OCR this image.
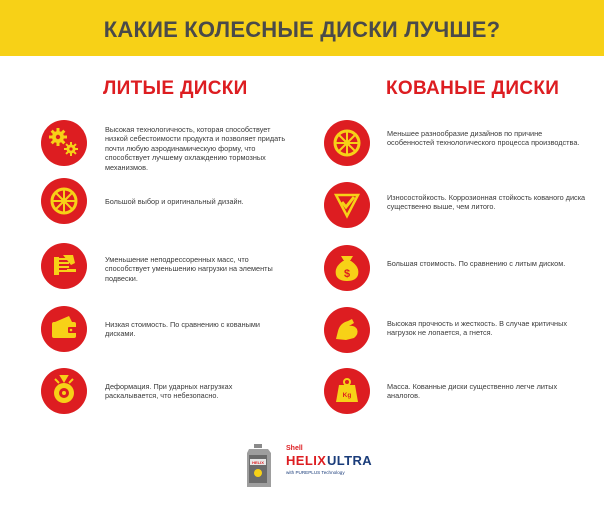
КАКИЕ КОЛЕСНЫЕ ДИСКИ ЛУЧШЕ?
ЛИТЫЕ ДИСКИ	КОВАНЫЕ ДИСКИ
Высокая технологичность, которая способствует низкой себестоимости продукта и позволяет придать почти любую аэродинамическую форму, что способствует лучшему охлаждению тормозных механизмов.
Большой выбор и оригинальный дизайн.
Уменьшение неподрессоренных масс, что способствует уменьшению нагрузки на элементы подвески.
Низкая стоимость. По сравнению с коваными дисками.
Деформация. При ударных нагрузках раскалывается, что небезопасно.
Меньшее разнообразие дизайнов по причине особенностей технологического процесса производства.
Износостойкость. Коррозионная стойкость кованого диска существенно выше, чем литого.
$
Большая стоимость. По сравнению с литым диском.
Высокая прочность и жесткость. В случае критичных нагрузок не лопается, а гнется.
Kg
Масса. Кованные диски существенно легче литых аналогов.
HELIX
Shell
HELIX ULTRA
with PUREPLUS Technology
